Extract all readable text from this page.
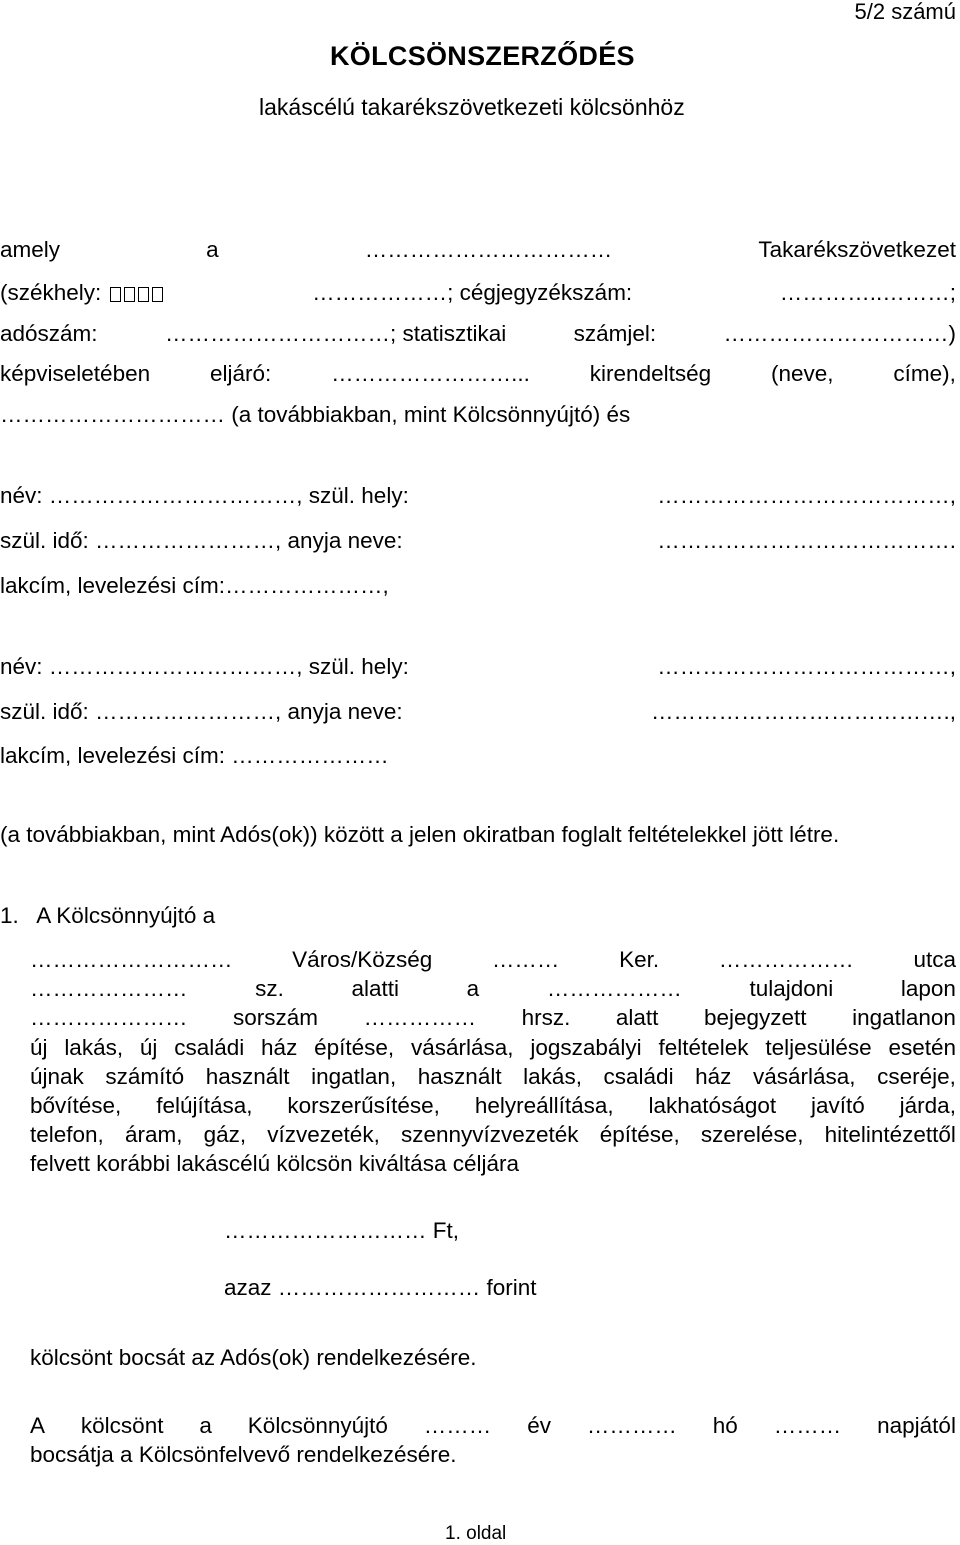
5/2 számú
KÖLCSÖNSZERZŐDÉS
lakáscélú takarékszövetkezeti kölcsönhöz
amely	a	……………………………	Takarékszövetkezet
(székhely:	………………; cégjegyzékszám:	…………..………;
adószám:	…………………………; statisztikai	számjel:	…………………………)
képviseletében	eljáró:	……………………...	kirendeltség	(neve,	címe),
………………………… (a továbbiakban, mint Kölcsönnyújtó) és
név: ……………………………, szül. hely:	…………………………………,
szül. idő: ……………………, anyja neve:	………………………………….
lakcím, levelezési cím:…………………,
név: ……………………………, szül. hely:	…………………………………,
szül. idő: ……………………, anyja neve:	………………………………….,
lakcím, levelezési cím: …………………
(a továbbiakban, mint Adós(ok)) között a jelen okiratban foglalt feltételekkel jött létre.
1.   A Kölcsönnyújtó a
………………………	Város/Község	………	Ker.	………………	utca
…………………	sz.	alatti	a	………………	tulajdoni	lapon
………………… sorszám …………… hrsz. alatt bejegyzett ingatlanon
új lakás, új családi ház építése, vásárlása, jogszabályi feltételek teljesülése esetén
újnak számító használt ingatlan, használt lakás, családi ház vásárlása, cseréje,
bővítése, felújítása, korszerűsítése, helyreállítása, lakhatóságot javító járda,
telefon, áram, gáz, vízvezeték, szennyvízvezeték építése, szerelése, hitelintézettől
felvett korábbi lakáscélú kölcsön kiváltása céljára
……………………… Ft,
azaz ……………………… forint
kölcsönt bocsát az Adós(ok) rendelkezésére.
A kölcsönt a Kölcsönnyújtó ……… év ………… hó ……… napjától
bocsátja a Kölcsönfelvevő rendelkezésére.
1. oldal
